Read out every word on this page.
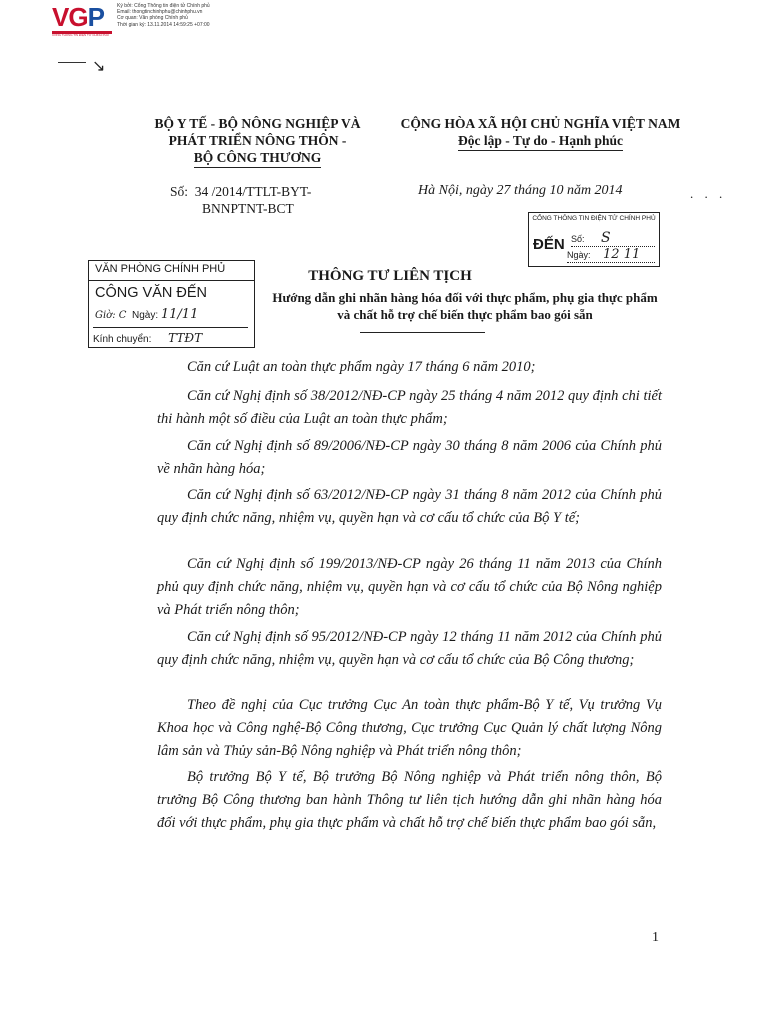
VGP
CỔNG THÔNG TIN ĐIỆN TỬ CHÍNH PHỦ
Ký bởi: Cổng Thông tin điện tử Chính phủ
Email: thongtinchinhphu@chinhphu.vn
Cơ quan: Văn phòng Chính phủ
Thời gian ký: 13.11.2014 14:59:25 +07:00
↘
BỘ Y TẾ - BỘ NÔNG NGHIỆP VÀ
PHÁT TRIỂN NÔNG THÔN -
BỘ CÔNG THƯƠNG
CỘNG HÒA XÃ HỘI CHỦ NGHĨA VIỆT NAM
Độc lập - Tự do - Hạnh phúc
Số: 34 /2014/TTLT-BYT-
BNNPTNT-BCT
Hà Nội, ngày 27 tháng 10 năm 2014	. . .
CỔNG THÔNG TIN ĐIỆN TỬ CHÍNH PHỦ
ĐẾN Số: S
Ngày: 12 11
VĂN PHÒNG CHÍNH PHỦ
CÔNG VĂN ĐẾN
Giờ: C Ngày: 11/11
Kính chuyển: TTĐT
THÔNG TƯ LIÊN TỊCH
Hướng dẫn ghi nhãn hàng hóa đối với thực phẩm, phụ gia thực phẩm
và chất hỗ trợ chế biến thực phẩm bao gói sẵn

Căn cứ Luật an toàn thực phẩm ngày 17 tháng 6 năm 2010;

Căn cứ Nghị định số 38/2012/NĐ-CP ngày 25 tháng 4 năm 2012 quy định chi tiết thi hành một số điều của Luật an toàn thực phẩm;

Căn cứ Nghị định số 89/2006/NĐ-CP ngày 30 tháng 8 năm 2006 của Chính phủ về nhãn hàng hóa;

Căn cứ Nghị định số 63/2012/NĐ-CP ngày 31 tháng 8 năm 2012 của Chính phủ quy định chức năng, nhiệm vụ, quyền hạn và cơ cấu tổ chức của Bộ Y tế;

Căn cứ Nghị định số 199/2013/NĐ-CP ngày 26 tháng 11 năm 2013 của Chính phủ quy định chức năng, nhiệm vụ, quyền hạn và cơ cấu tổ chức của Bộ Nông nghiệp và Phát triển nông thôn;

Căn cứ Nghị định số 95/2012/NĐ-CP ngày 12 tháng 11 năm 2012 của Chính phủ quy định chức năng, nhiệm vụ, quyền hạn và cơ cấu tổ chức của Bộ Công thương;

Theo đề nghị của Cục trưởng Cục An toàn thực phẩm-Bộ Y tế, Vụ trưởng Vụ Khoa học và Công nghệ-Bộ Công thương, Cục trưởng Cục Quản lý chất lượng Nông lâm sản và Thủy sản-Bộ Nông nghiệp và Phát triển nông thôn;

Bộ trưởng Bộ Y tế, Bộ trưởng Bộ Nông nghiệp và Phát triển nông thôn, Bộ trưởng Bộ Công thương ban hành Thông tư liên tịch hướng dẫn ghi nhãn hàng hóa đối với thực phẩm, phụ gia thực phẩm và chất hỗ trợ chế biến thực phẩm bao gói sẵn,

1
